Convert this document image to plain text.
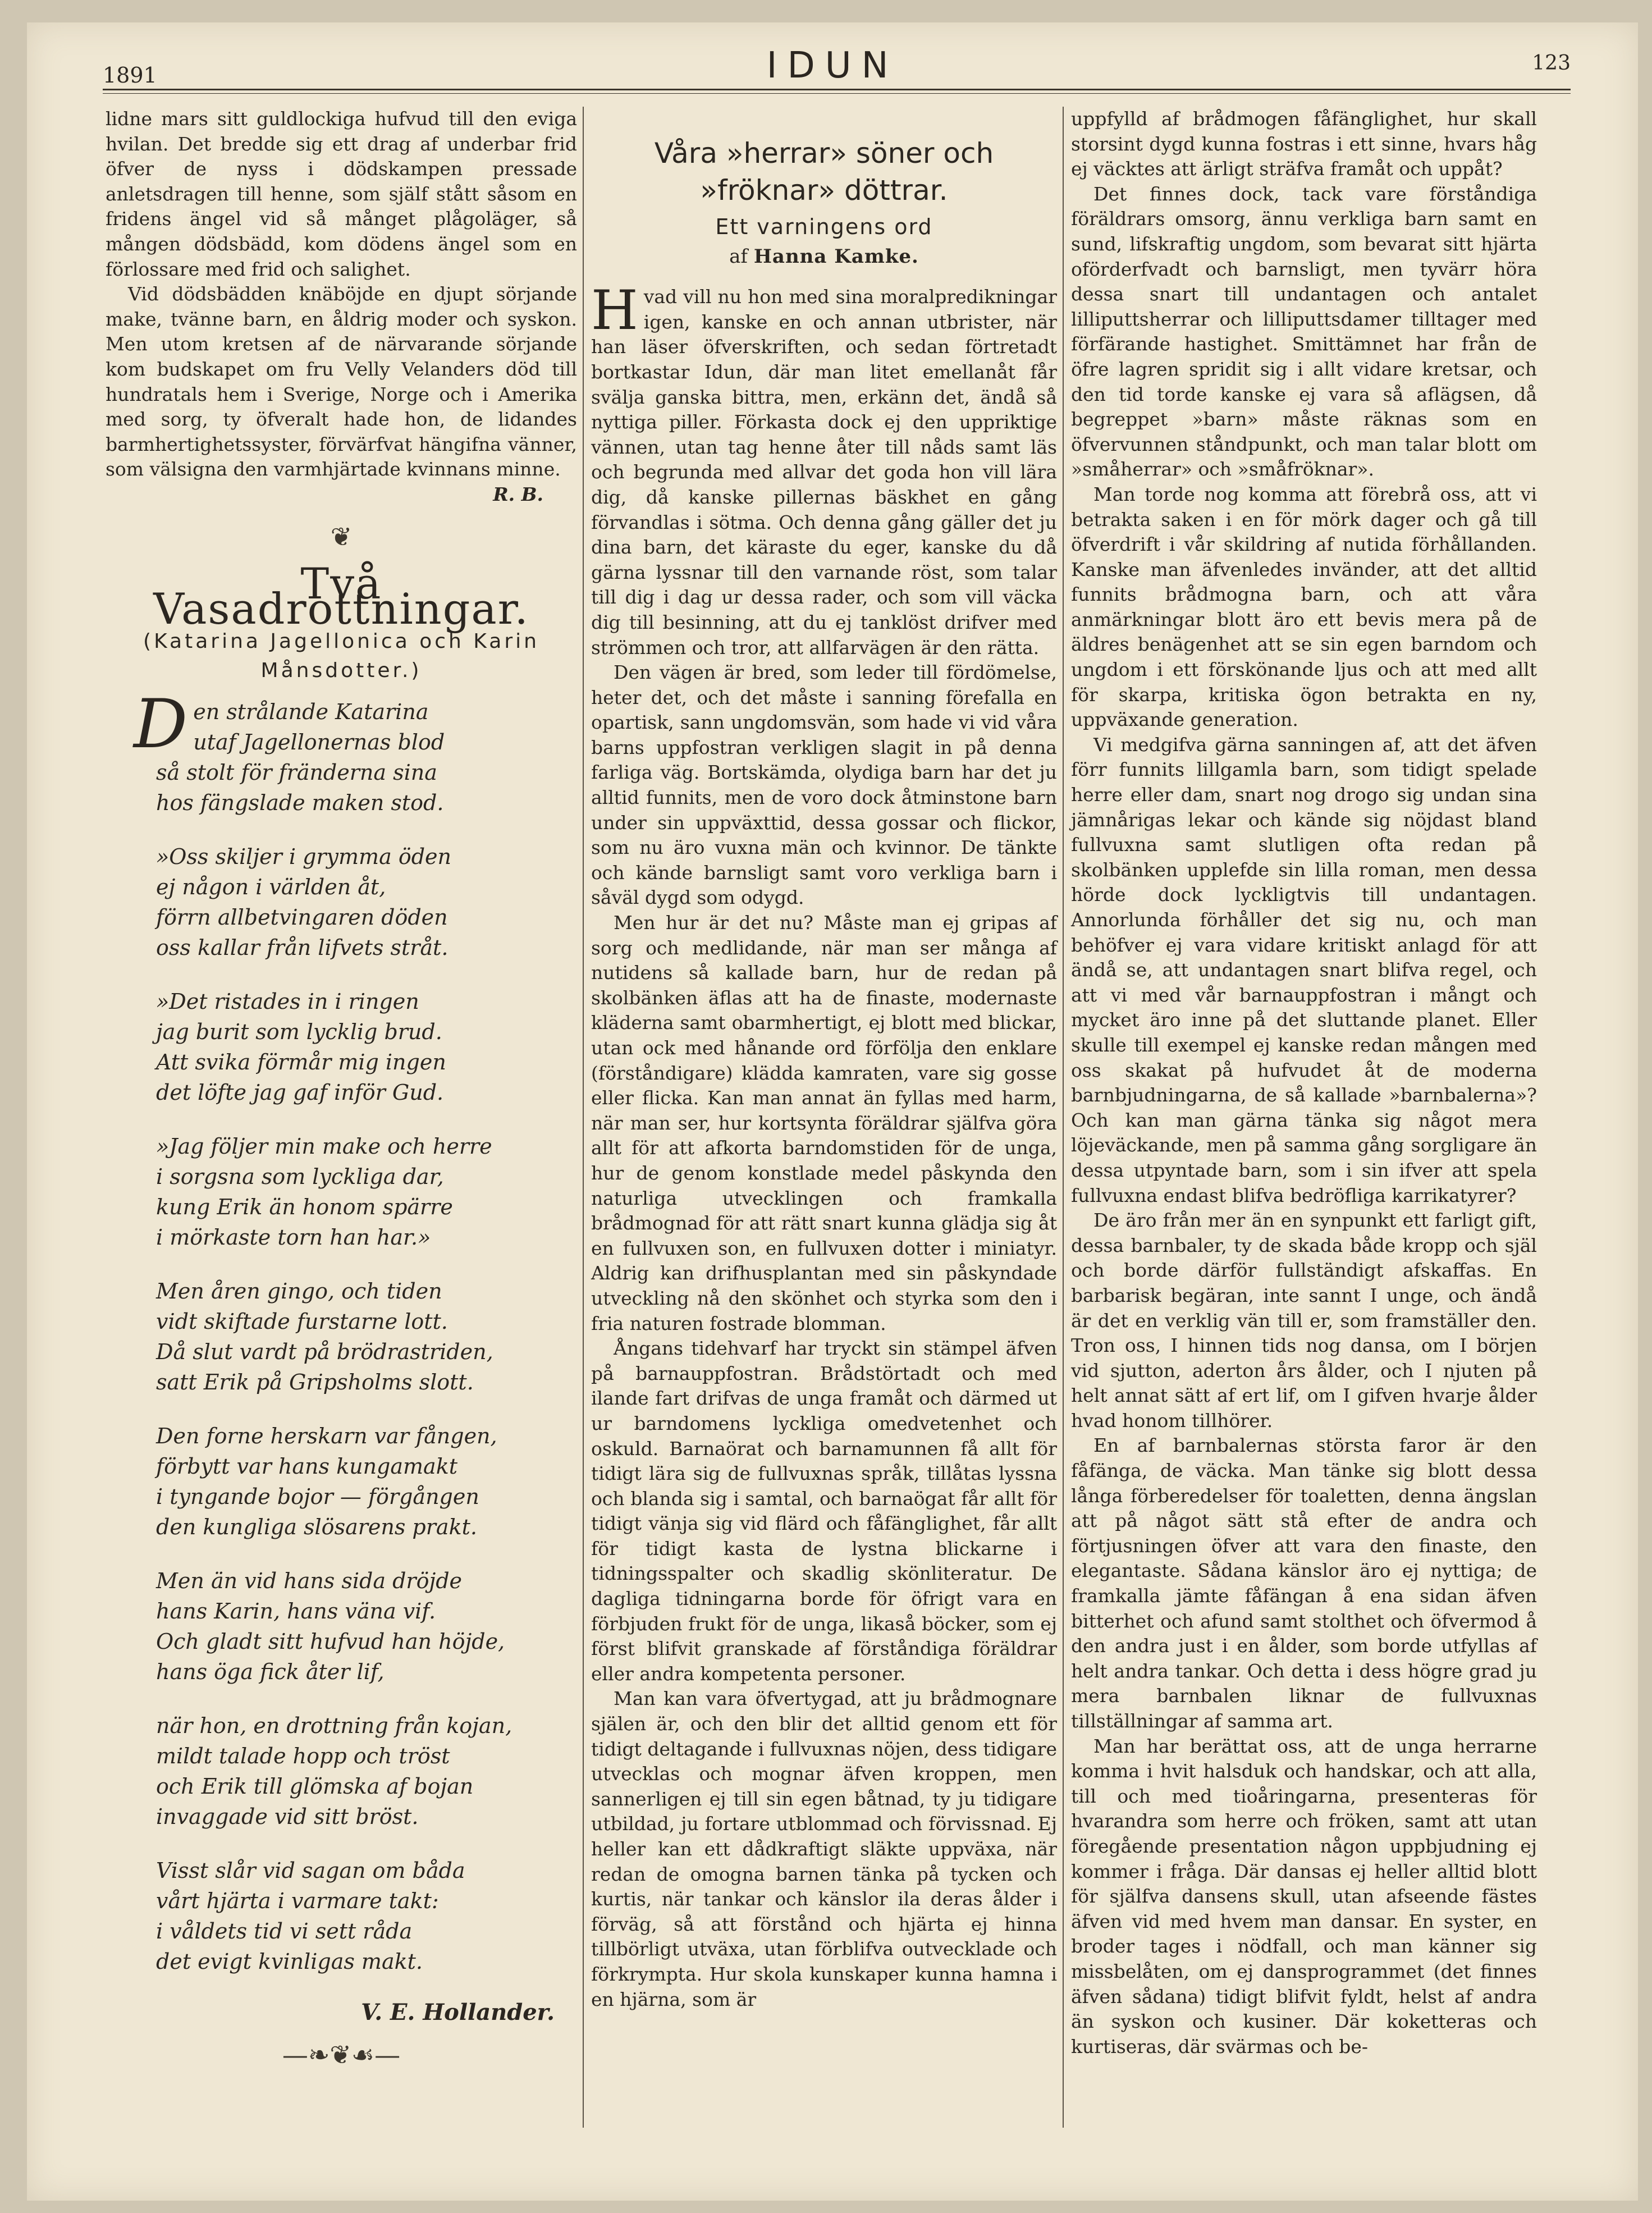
1891	IDUN	123

lidne mars sitt guldlockiga hufvud till den eviga hvilan. Det bredde sig ett drag af underbar frid öfver de nyss i dödskampen pressade anletsdragen till henne, som själf stått såsom en fridens ängel vid så månget plågoläger, så mången dödsbädd, kom dödens ängel som en förlossare med frid och salighet.

Vid dödsbädden knäböjde en djupt sörjande make, tvänne barn, en åldrig moder och syskon. Men utom kretsen af de närvarande sörjande kom budskapet om fru Velly Velanders död till hundratals hem i Sverige, Norge och i Amerika med sorg, ty öfveralt hade hon, de lidandes barmhertighetssyster, förvärfvat hängifna vänner, som välsigna den varmhjärtade kvinnans minne.

R. B.
❦
Två Vasadrottningar.
(Katarina Jagellonica och Karin Månsdotter.)
D en strålande Katarina
utaf Jagellonernas blod
så stolt för fränderna sina
hos fängslade maken stod.
»Oss skiljer i grymma öden
ej någon i världen åt,
förrn allbetvingaren döden
oss kallar från lifvets stråt.
»Det ristades in i ringen
jag burit som lycklig brud.
Att svika förmår mig ingen
det löfte jag gaf inför Gud.
»Jag följer min make och herre
i sorgsna som lyckliga dar,
kung Erik än honom spärre
i mörkaste torn han har.»
Men åren gingo, och tiden
vidt skiftade furstarne lott.
Då slut vardt på brödrastriden,
satt Erik på Gripsholms slott.
Den forne herskarn var fången,
förbytt var hans kungamakt
i tyngande bojor — förgången
den kungliga slösarens prakt.
Men än vid hans sida dröjde
hans Karin, hans väna vif.
Och gladt sitt hufvud han höjde,
hans öga fick åter lif,
när hon, en drottning från kojan,
mildt talade hopp och tröst
och Erik till glömska af bojan
invaggade vid sitt bröst.
Visst slår vid sagan om båda
vårt hjärta i varmare takt:
i våldets tid vi sett råda
det evigt kvinligas makt.
V. E. Hollander.
—❧❦☙—
Våra »herrar» söner och
»fröknar» döttrar.
Ett varningens ord
af Hanna Kamke.

Hvad vill nu hon med sina moralpredikningar igen, kanske en och annan utbrister, när han läser öfverskriften, och sedan förtretadt bortkastar Idun, där man litet emellanåt får svälja ganska bittra, men, erkänn det, ändå så nyttiga piller. Förkasta dock ej den uppriktige vännen, utan tag henne åter till nåds samt läs och begrunda med allvar det goda hon vill lära dig, då kanske pillernas bäskhet en gång förvandlas i sötma. Och denna gång gäller det ju dina barn, det käraste du eger, kanske du då gärna lyssnar till den varnande röst, som talar till dig i dag ur dessa rader, och som vill väcka dig till besinning, att du ej tanklöst drifver med strömmen och tror, att allfarvägen är den rätta.

Den vägen är bred, som leder till fördömelse, heter det, och det måste i sanning förefalla en opartisk, sann ungdomsvän, som hade vi vid våra barns uppfostran verkligen slagit in på denna farliga väg. Bortskämda, olydiga barn har det ju alltid funnits, men de voro dock åtminstone barn under sin uppväxttid, dessa gossar och flickor, som nu äro vuxna män och kvinnor. De tänkte och kände barnsligt samt voro verkliga barn i såväl dygd som odygd.

Men hur är det nu? Måste man ej gripas af sorg och medlidande, när man ser många af nutidens så kallade barn, hur de redan på skolbänken äflas att ha de finaste, modernaste kläderna samt obarmhertigt, ej blott med blickar, utan ock med hånande ord förfölja den enklare (förståndigare) klädda kamraten, vare sig gosse eller flicka. Kan man annat än fyllas med harm, när man ser, hur kortsynta föräldrar själfva göra allt för att afkorta barndomstiden för de unga, hur de genom konstlade medel påskynda den naturliga utvecklingen och framkalla brådmognad för att rätt snart kunna glädja sig åt en fullvuxen son, en fullvuxen dotter i miniatyr. Aldrig kan drifhusplantan med sin påskyndade utveckling nå den skönhet och styrka som den i fria naturen fostrade blomman.

Ångans tidehvarf har tryckt sin stämpel äfven på barnauppfostran. Brådstörtadt och med ilande fart drifvas de unga framåt och därmed ut ur barndomens lyckliga omedvetenhet och oskuld. Barnaörat och barnamunnen få allt för tidigt lära sig de fullvuxnas språk, tillåtas lyssna och blanda sig i samtal, och barnaögat får allt för tidigt vänja sig vid flärd och fåfänglighet, får allt för tidigt kasta de lystna blickarne i tidningsspalter och skadlig skönliteratur. De dagliga tidningarna borde för öfrigt vara en förbjuden frukt för de unga, likaså böcker, som ej först blifvit granskade af förståndiga föräldrar eller andra kompetenta personer.

Man kan vara öfvertygad, att ju brådmognare själen är, och den blir det alltid genom ett för tidigt deltagande i fullvuxnas nöjen, dess tidigare utvecklas och mognar äfven kroppen, men sannerligen ej till sin egen båtnad, ty ju tidigare utbildad, ju fortare utblommad och förvissnad. Ej heller kan ett dådkraftigt släkte uppväxa, när redan de omogna barnen tänka på tycken och kurtis, när tankar och känslor ila deras ålder i förväg, så att förstånd och hjärta ej hinna tillbörligt utväxa, utan förblifva outvecklade och förkrympta. Hur skola kunskaper kunna hamna i en hjärna, som är

uppfylld af brådmogen fåfänglighet, hur skall storsint dygd kunna fostras i ett sinne, hvars håg ej väcktes att ärligt sträfva framåt och uppåt?

Det finnes dock, tack vare förståndiga föräldrars omsorg, ännu verkliga barn samt en sund, lifskraftig ungdom, som bevarat sitt hjärta oförderfvadt och barnsligt, men tyvärr höra dessa snart till undantagen och antalet lilliputtsherrar och lilliputtsdamer tilltager med förfärande hastighet. Smittämnet har från de öfre lagren spridit sig i allt vidare kretsar, och den tid torde kanske ej vara så aflägsen, då begreppet »barn» måste räknas som en öfvervunnen ståndpunkt, och man talar blott om »småherrar» och »småfröknar».

Man torde nog komma att förebrå oss, att vi betrakta saken i en för mörk dager och gå till öfverdrift i vår skildring af nutida förhållanden. Kanske man äfvenledes invänder, att det alltid funnits brådmogna barn, och att våra anmärkningar blott äro ett bevis mera på de äldres benägenhet att se sin egen barndom och ungdom i ett förskönande ljus och att med allt för skarpa, kritiska ögon betrakta en ny, uppväxande generation.

Vi medgifva gärna sanningen af, att det äfven förr funnits lillgamla barn, som tidigt spelade herre eller dam, snart nog drogo sig undan sina jämnårigas lekar och kände sig nöjdast bland fullvuxna samt slutligen ofta redan på skolbänken upplefde sin lilla roman, men dessa hörde dock lyckligtvis till undantagen. Annorlunda förhåller det sig nu, och man behöfver ej vara vidare kritiskt anlagd för att ändå se, att undantagen snart blifva regel, och att vi med vår barnauppfostran i mångt och mycket äro inne på det sluttande planet. Eller skulle till exempel ej kanske redan mången med oss skakat på hufvudet åt de moderna barnbjudningarna, de så kallade »barnbalerna»? Och kan man gärna tänka sig något mera löjeväckande, men på samma gång sorgligare än dessa utpyntade barn, som i sin ifver att spela fullvuxna endast blifva bedröfliga karrikatyrer?

De äro från mer än en synpunkt ett farligt gift, dessa barnbaler, ty de skada både kropp och själ och borde därför fullständigt afskaffas. En barbarisk begäran, inte sannt I unge, och ändå är det en verklig vän till er, som framställer den. Tron oss, I hinnen tids nog dansa, om I börjen vid sjutton, aderton års ålder, och I njuten på helt annat sätt af ert lif, om I gifven hvarje ålder hvad honom tillhörer.

En af barnbalernas största faror är den fåfänga, de väcka. Man tänke sig blott dessa långa förberedelser för toaletten, denna ängslan att på något sätt stå efter de andra och förtjusningen öfver att vara den finaste, den elegantaste. Sådana känslor äro ej nyttiga; de framkalla jämte fåfängan å ena sidan äfven bitterhet och afund samt stolthet och öfvermod å den andra just i en ålder, som borde utfyllas af helt andra tankar. Och detta i dess högre grad ju mera barnbalen liknar de fullvuxnas tillställningar af samma art.

Man har berättat oss, att de unga herrarne komma i hvit halsduk och handskar, och att alla, till och med tioåringarna, presenteras för hvarandra som herre och fröken, samt att utan föregående presentation någon uppbjudning ej kommer i fråga. Där dansas ej heller alltid blott för själfva dansens skull, utan afseende fästes äfven vid med hvem man dansar. En syster, en broder tages i nödfall, och man känner sig missbelåten, om ej dansprogrammet (det finnes äfven sådana) tidigt blifvit fyldt, helst af andra än syskon och kusiner. Där koketteras och kurtiseras, där svärmas och be-
